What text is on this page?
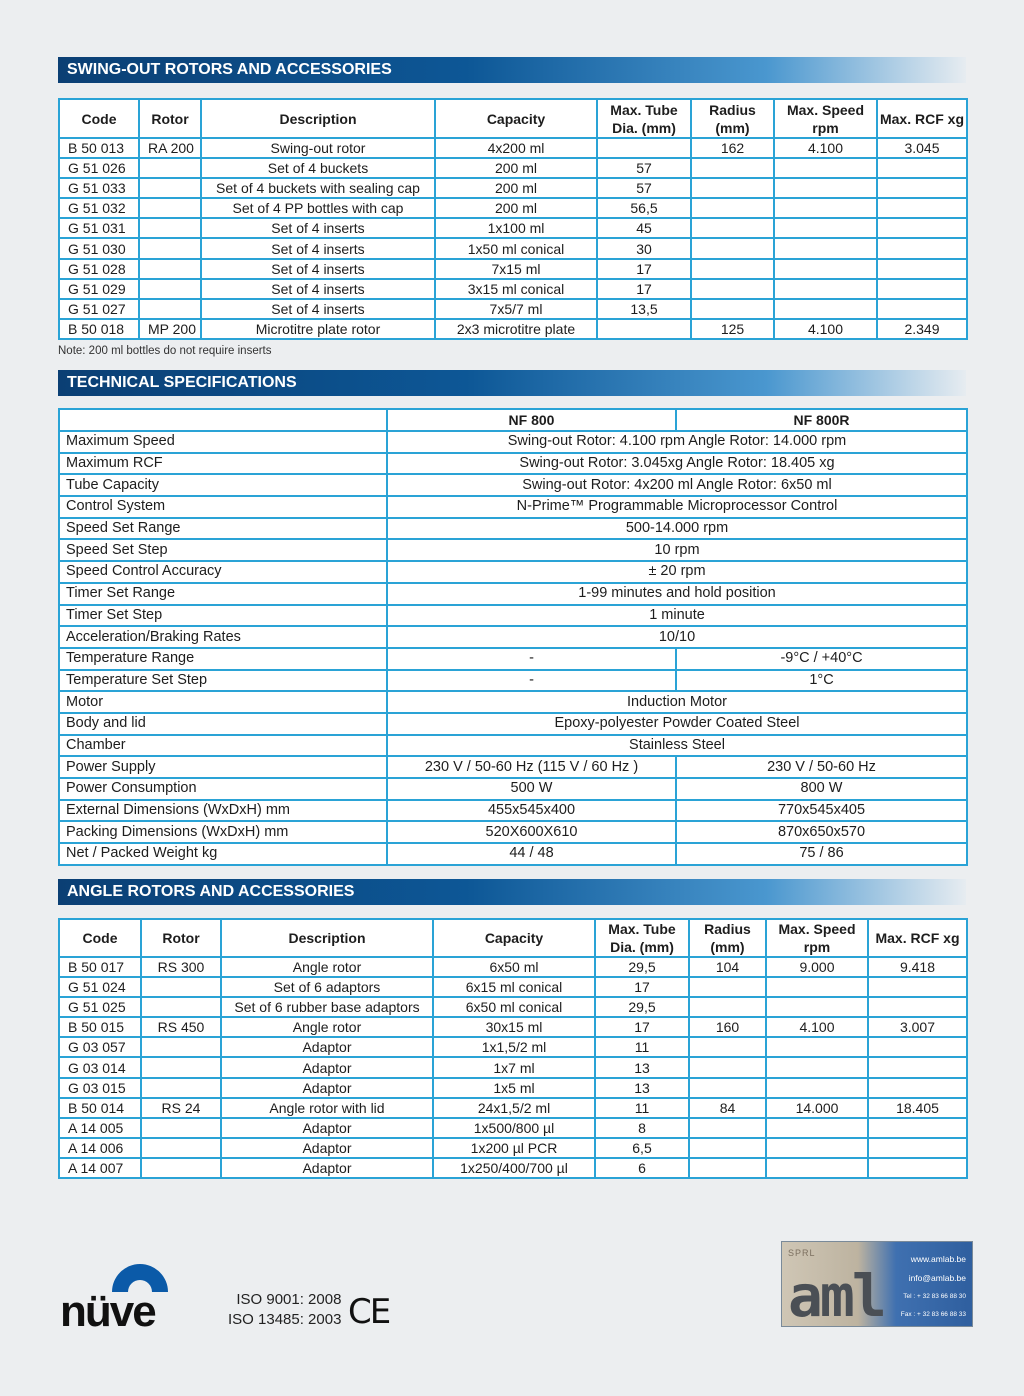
SWING-OUT ROTORS AND ACCESSORIES
Code	Rotor	Description	Capacity	Max. Tube Dia. (mm)	Radius (mm)	Max. Speed rpm	Max. RCF xg
B 50 013	RA 200	Swing-out rotor	4x200 ml		162	4.100	3.045
G 51 026		Set of 4 buckets	200 ml	57			
G 51 033		Set of 4 buckets with sealing cap	200 ml	57			
G 51 032		Set of 4 PP bottles with cap	200 ml	56,5			
G 51 031		Set of 4 inserts	1x100 ml	45			
G 51 030		Set of 4 inserts	1x50 ml conical	30			
G 51 028		Set of 4 inserts	7x15 ml	17			
G 51 029		Set of 4 inserts	3x15 ml conical	17			
G 51 027		Set of 4 inserts	7x5/7 ml	13,5			
B 50 018	MP 200	Microtitre plate rotor	2x3 microtitre plate		125	4.100	2.349
Note: 200 ml bottles do not require inserts
TECHNICAL SPECIFICATIONS
	NF 800	NF 800R
Maximum Speed	Swing-out Rotor: 4.100 rpm Angle Rotor: 14.000 rpm	
Maximum RCF	Swing-out Rotor: 3.045xg Angle Rotor: 18.405 xg	
Tube Capacity	Swing-out Rotor: 4x200 ml Angle Rotor: 6x50 ml	
Control System	N-Prime™ Programmable Microprocessor Control	
Speed Set Range	500-14.000 rpm	
Speed Set Step	10 rpm	
Speed Control Accuracy	± 20 rpm	
Timer Set Range	1-99 minutes and hold position	
Timer Set Step	1 minute	
Acceleration/Braking Rates	10/10	
Temperature Range	-	-9°C / +40°C
Temperature Set Step	-	1°C
Motor	Induction Motor	
Body and lid	Epoxy-polyester Powder Coated Steel	
Chamber	Stainless Steel	
Power Supply	230 V / 50-60 Hz (115 V / 60 Hz )	230 V / 50-60 Hz
Power Consumption	500 W	800 W
External Dimensions (WxDxH) mm	455x545x400	770x545x405
Packing Dimensions (WxDxH) mm	520X600X610	870x650x570
Net / Packed Weight kg	44 / 48	75 / 86
ANGLE ROTORS AND ACCESSORIES
Code	Rotor	Description	Capacity	Max. Tube Dia. (mm)	Radius (mm)	Max. Speed rpm	Max. RCF xg
B 50 017	RS 300	Angle rotor	6x50 ml	29,5	104	9.000	9.418
G 51 024		Set of 6 adaptors	6x15 ml conical	17			
G 51 025		Set of 6 rubber base adaptors	6x50 ml conical	29,5			
B 50 015	RS 450	Angle rotor	30x15 ml	17	160	4.100	3.007
G 03 057		Adaptor	1x1,5/2 ml	11			
G 03 014		Adaptor	1x7 ml	13			
G 03 015		Adaptor	1x5 ml	13			
B 50 014	RS 24	Angle rotor with lid	24x1,5/2 ml	11	84	14.000	18.405
A 14 005		Adaptor	1x500/800 µl	8			
A 14 006		Adaptor	1x200 µl PCR	6,5			
A 14 007		Adaptor	1x250/400/700 µl	6			
nüve	ISO 9001: 2008
ISO 13485: 2003 CE
SPRL
aml
www.amlab.be
info@amlab.be
Tel : + 32 83 66 88 30
Fax : + 32 83 66 88 33
